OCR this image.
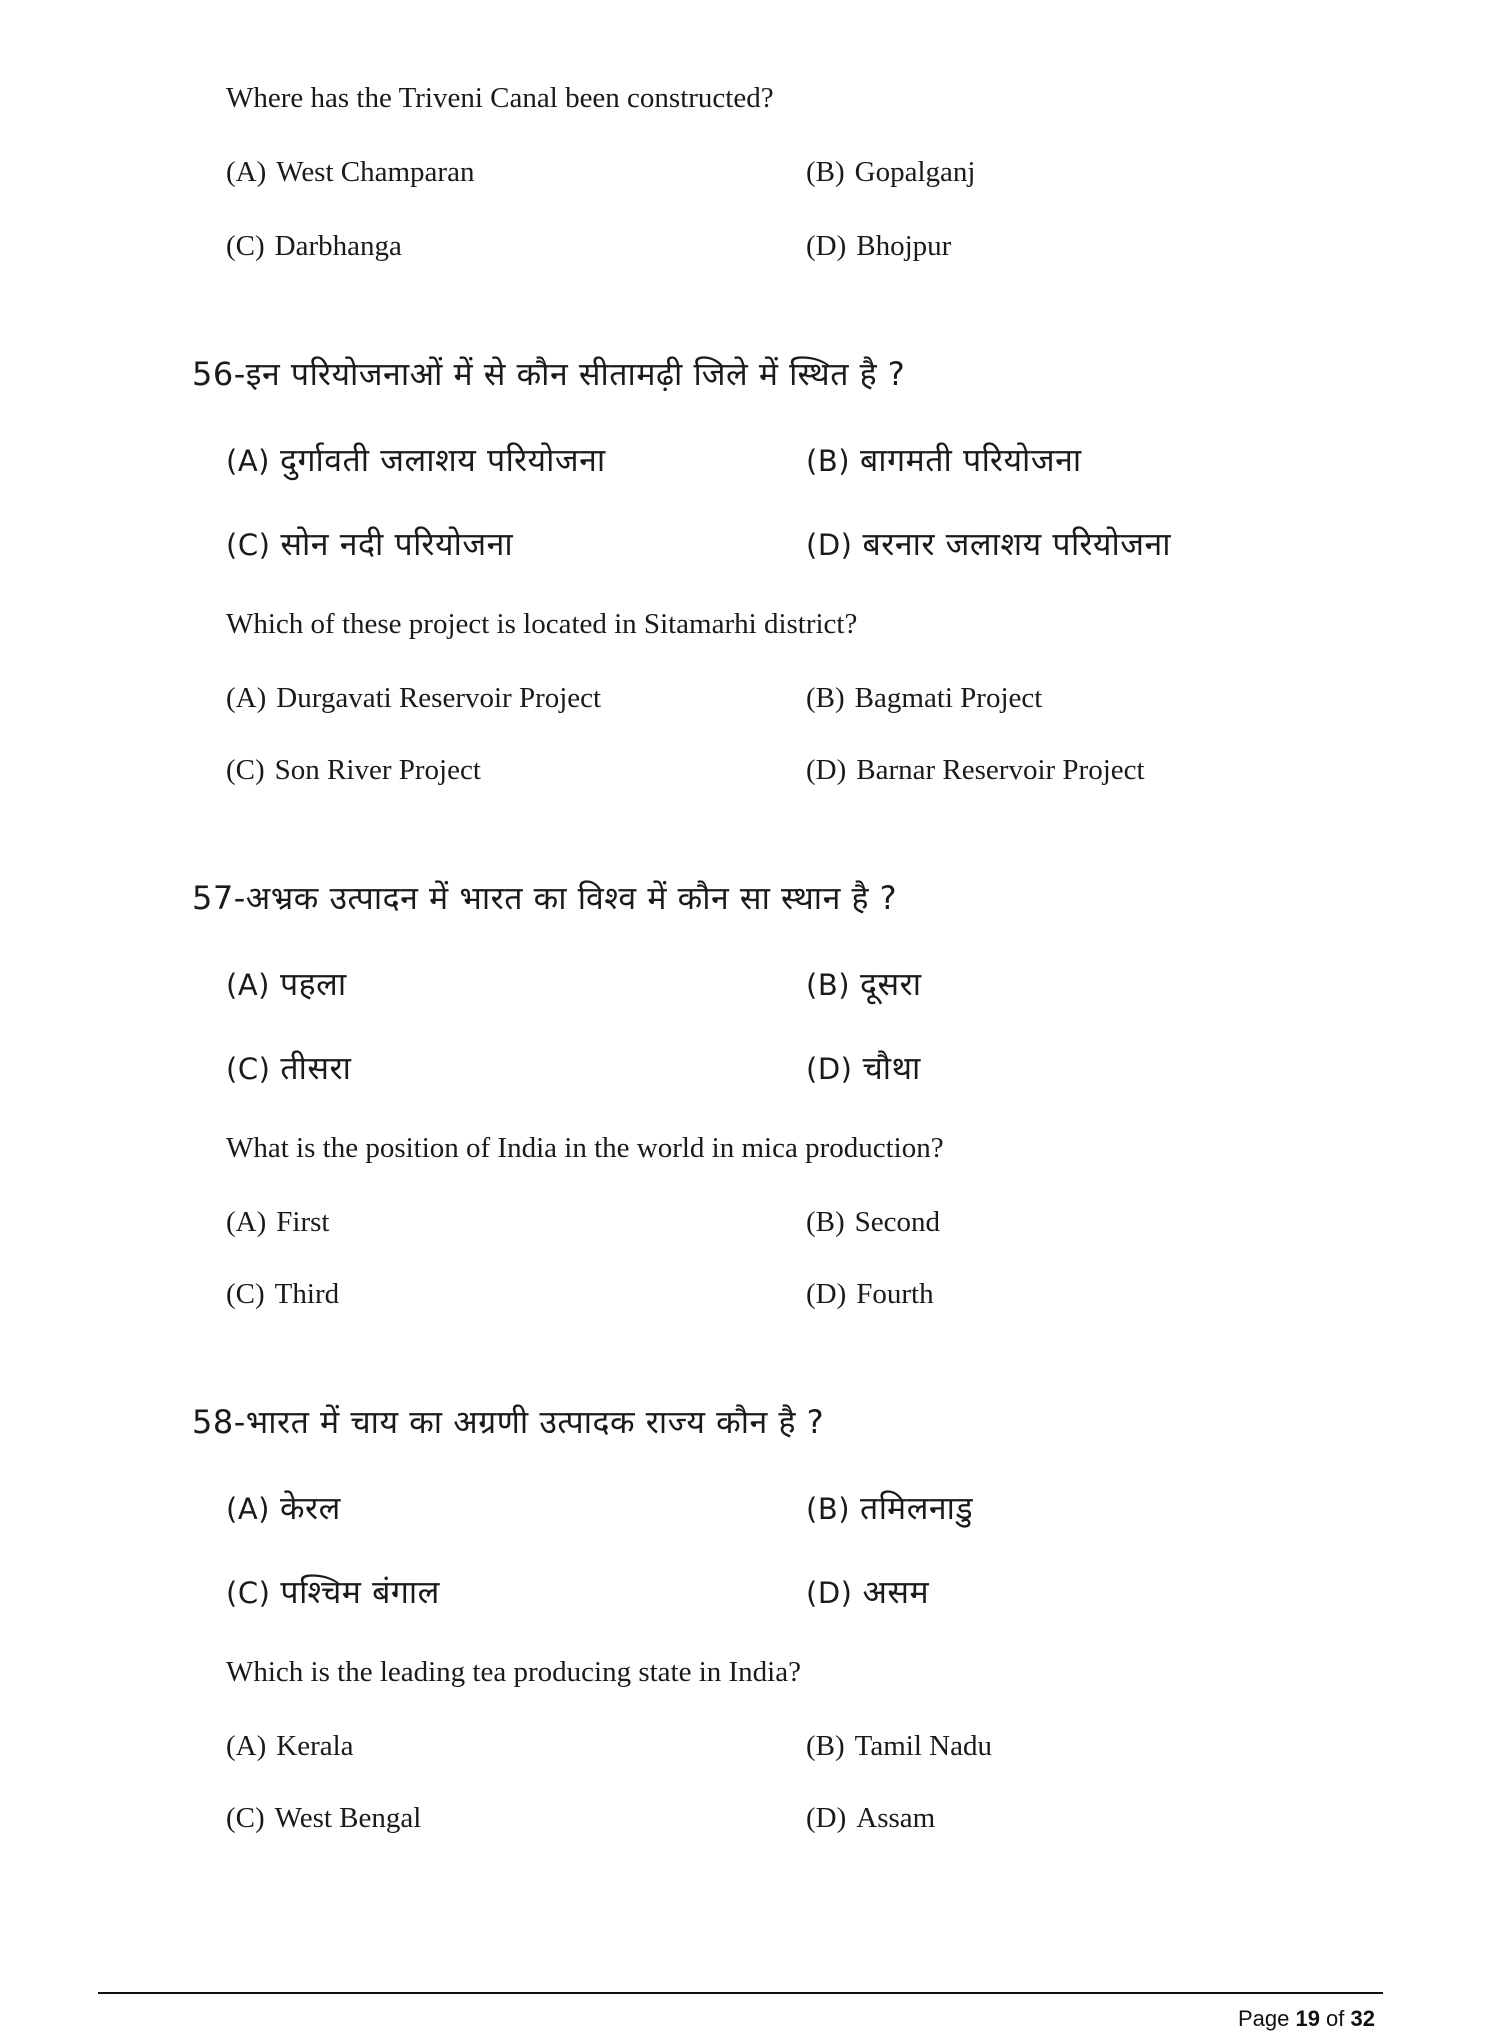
Where has the Triveni Canal been constructed?
(A) West Champaran	(B) Gopalganj
(C) Darbhanga	(D) Bhojpur
56-इन परियोजनाओं में से कौन सीतामढ़ी जिले में स्थित है ?
(A) दुर्गावती जलाशय परियोजना	(B) बागमती परियोजना
(C) सोन नदी परियोजना	(D) बरनार जलाशय परियोजना
Which of these project is located in Sitamarhi district?
(A) Durgavati Reservoir Project	(B) Bagmati Project
(C) Son River Project	(D) Barnar Reservoir Project
57-अभ्रक उत्पादन में भारत का विश्व में कौन सा स्थान है ?
(A) पहला	(B) दूसरा
(C) तीसरा	(D) चौथा
What is the position of India in the world in mica production?
(A) First	(B) Second
(C) Third	(D) Fourth
58-भारत में चाय का अग्रणी उत्पादक राज्य कौन है ?
(A) केरल	(B) तमिलनाडु
(C) पश्चिम बंगाल	(D) असम
Which is the leading tea producing state in India?
(A) Kerala	(B) Tamil Nadu
(C) West Bengal	(D) Assam
Page 19 of 32
